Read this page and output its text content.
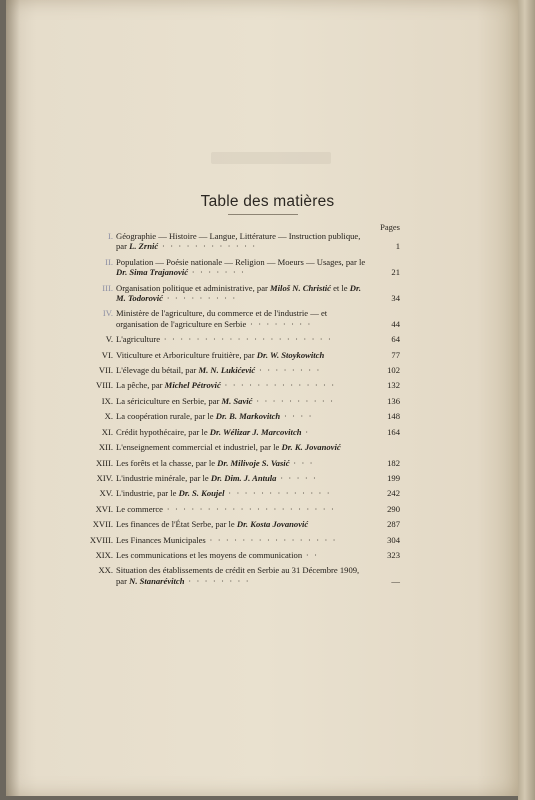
Table des matières
Pages
I. Géographie — Histoire — Langue, Littérature — Instruction publique, par L. Zrnić · · · · · · · · · · · ·	1
II. Population — Poésie nationale — Religion — Moeurs — Usages, par le Dr. Sima Trajanović · · · · · · ·	21
III. Organisation politique et administrative, par Miloš N. Christić et le Dr. M. Todorović · · · · · · · · ·	34
IV. Ministère de l'agriculture, du commerce et de l'industrie — et organisation de l'agriculture en Serbie · · · · · · · ·	44
V. L'agriculture · · · · · · · · · · · · · · · · · · · · ·	64
VI. Viticulture et Arboriculture fruitière, par Dr. W. Stoykowitch	77
VII. L'élevage du bétail, par M. N. Lukićević · · · · · · · ·	102
VIII. La pêche, par Michel Pétrović · · · · · · · · · · · · · ·	132
IX. La sériciculture en Serbie, par M. Savić · · · · · · · · · ·	136
X. La coopération rurale, par le Dr. B. Markovitch · · · ·	148
XI. Crédit hypothécaire, par le Dr. Wélizar J. Marcovitch ·	164
XII. L'enseignement commercial et industriel, par le Dr. K. Jovanović
XIII. Les forêts et la chasse, par le Dr. Milivoje S. Vasić · · ·	182
XIV. L'industrie minérale, par le Dr. Dim. J. Antula · · · · ·	199
XV. L'industrie, par le Dr. S. Koujel · · · · · · · · · · · · ·	242
XVI. Le commerce · · · · · · · · · · · · · · · · · · · · ·	290
XVII. Les finances de l'État Serbe, par le Dr. Kosta Jovanović	287
XVIII. Les Finances Municipales · · · · · · · · · · · · · · · ·	304
XIX. Les communications et les moyens de communication · ·	323
XX. Situation des établissements de crédit en Serbie au 31 Décembre 1909, par N. Stanarévitch · · · · · · · ·	—
